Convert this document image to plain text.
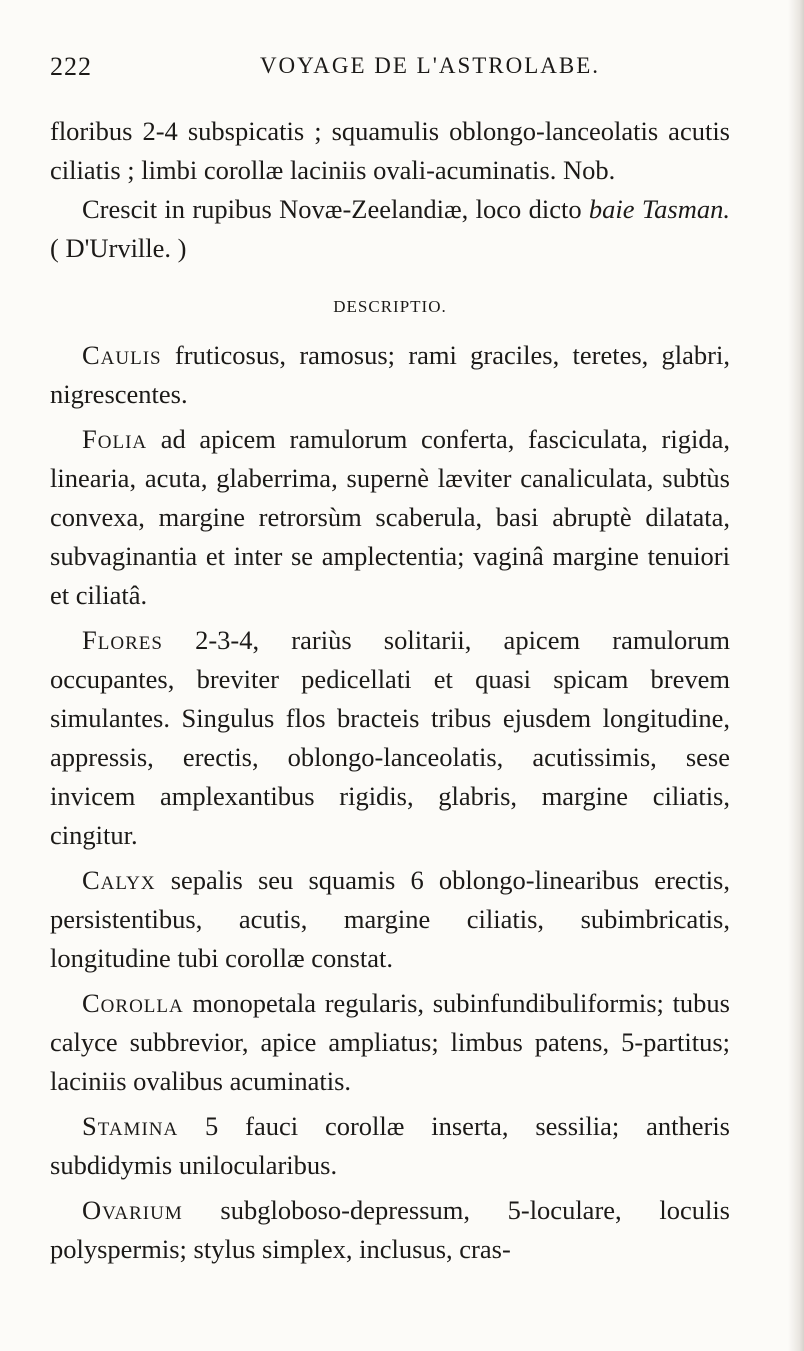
222	VOYAGE DE L'ASTROLABE.

floribus 2-4 subspicatis ; squamulis oblongo-lanceolatis acutis ciliatis ; limbi corollæ laciniis ovali-acuminatis. Nob.

Crescit in rupibus Novæ-Zeelandiæ, loco dicto baie Tasman. ( D'Urville. )

DESCRIPTIO.

Caulis fruticosus, ramosus; rami graciles, teretes, glabri, nigrescentes.

Folia ad apicem ramulorum conferta, fasciculata, rigida, linearia, acuta, glaberrima, supernè læviter canaliculata, subtùs convexa, margine retrorsùm scaberula, basi abruptè dilatata, subvaginantia et inter se amplectentia; vaginâ margine tenuiori et ciliatâ.

Flores 2-3-4, rariùs solitarii, apicem ramulorum occupantes, breviter pedicellati et quasi spicam brevem simulantes. Singulus flos bracteis tribus ejusdem longitudine, appressis, erectis, oblongo-lanceolatis, acutissimis, sese invicem amplexantibus rigidis, glabris, margine ciliatis, cingitur.

Calyx sepalis seu squamis 6 oblongo-linearibus erectis, persistentibus, acutis, margine ciliatis, subimbricatis, longitudine tubi corollæ constat.

Corolla monopetala regularis, subinfundibuliformis; tubus calyce subbrevior, apice ampliatus; limbus patens, 5-partitus; laciniis ovalibus acuminatis.

Stamina 5 fauci corollæ inserta, sessilia; antheris subdidymis unilocularibus.

Ovarium subgloboso-depressum, 5-loculare, loculis polyspermis; stylus simplex, inclusus, cras-
